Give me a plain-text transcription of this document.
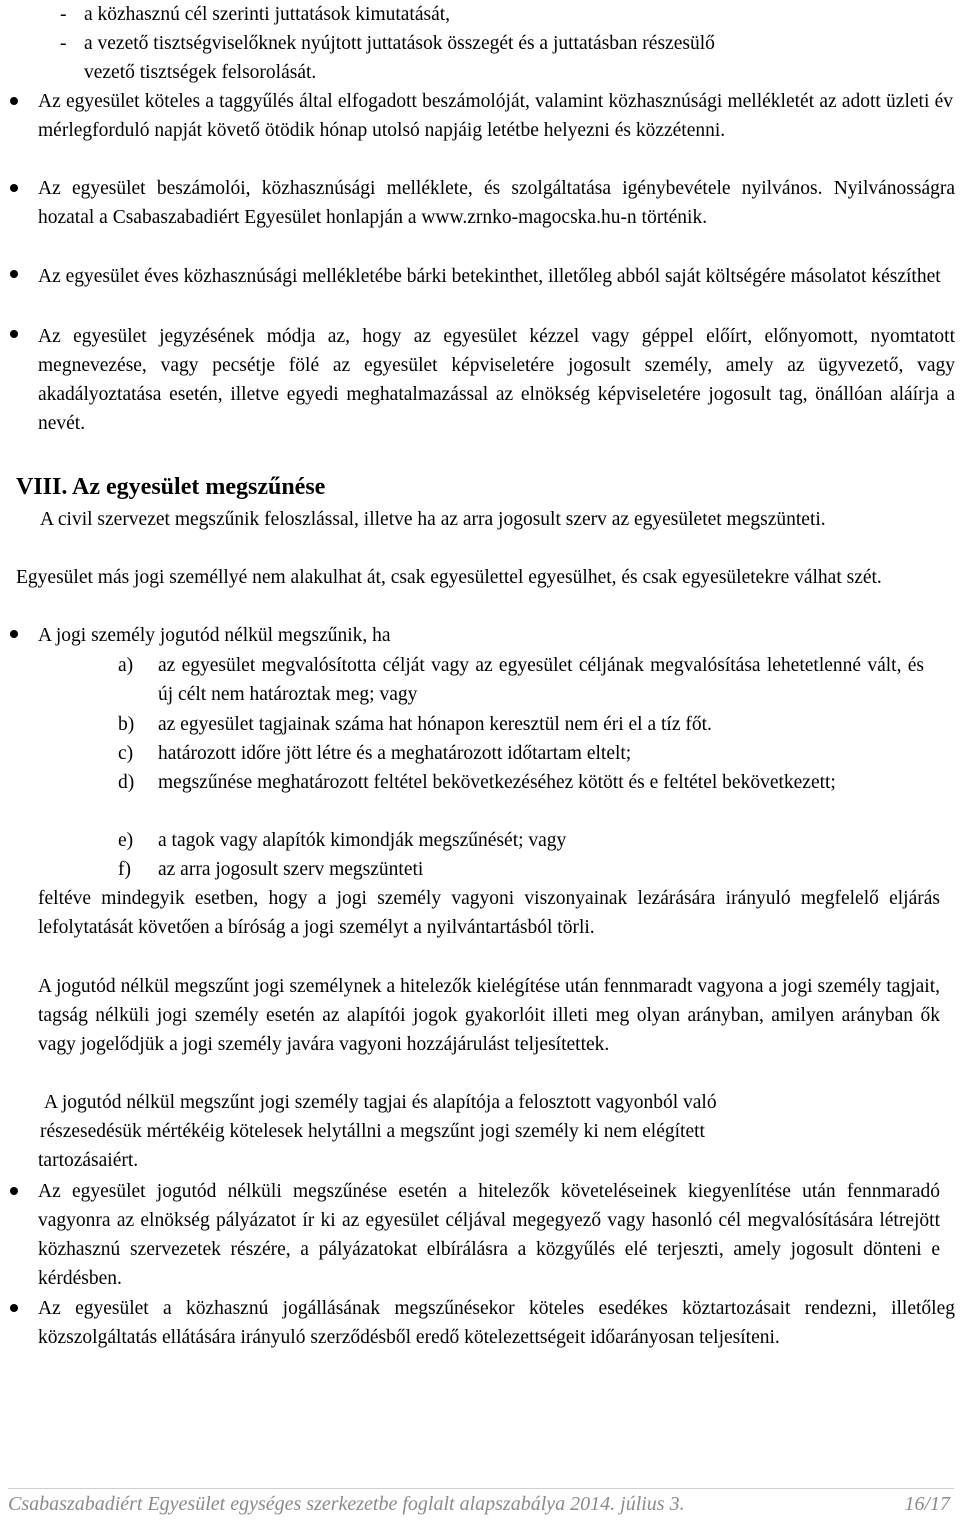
- a közhasznú cél szerinti juttatások kimutatását,

- a vezető tisztségviselőknek nyújtott juttatások összegét és a juttatásban részesülő

vezető tisztségek felsorolását.

Az egyesület köteles a taggyűlés által elfogadott beszámolóját, valamint közhasznúsági mellékletét az adott üzleti év mérlegforduló napját követő ötödik hónap utolsó napjáig letétbe helyezni és közzétenni.

Az egyesület beszámolói, közhasznúsági melléklete, és szolgáltatása igénybevétele nyilvános. Nyilvánosságra hozatal a Csabaszabadiért Egyesület honlapján a www.zrnko-magocska.hu-n történik.

Az egyesület éves közhasznúsági mellékletébe bárki betekinthet, illetőleg abból saját költségére másolatot készíthet

Az egyesület jegyzésének módja az, hogy az egyesület kézzel vagy géppel előírt, előnyomott, nyomtatott megnevezése, vagy pecsétje fölé az egyesület képviseletére jogosult személy, amely az ügyvezető, vagy akadályoztatása esetén, illetve egyedi meghatalmazással az elnökség képviseletére jogosult tag, önállóan aláírja a nevét.

VIII. Az egyesület megszűnése

A civil szervezet megszűnik feloszlással, illetve ha az arra jogosult szerv az egyesületet megszünteti.

Egyesület más jogi személlyé nem alakulhat át, csak egyesülettel egyesülhet, és csak egyesületekre válhat szét.

A jogi személy jogutód nélkül megszűnik, ha

a) az egyesület megvalósította célját vagy az egyesület céljának megvalósítása lehetetlenné vált, és új célt nem határoztak meg; vagy

b) az egyesület tagjainak száma hat hónapon keresztül nem éri el a tíz főt.

c) határozott időre jött létre és a meghatározott időtartam eltelt;

d) megszűnése meghatározott feltétel bekövetkezéséhez kötött és e feltétel bekövetkezett;

e) a tagok vagy alapítók kimondják megszűnését; vagy

f) az arra jogosult szerv megszünteti

feltéve mindegyik esetben, hogy a jogi személy vagyoni viszonyainak lezárására irányuló megfelelő eljárás lefolytatását követően a bíróság a jogi személyt a nyilvántartásból törli.

A jogutód nélkül megszűnt jogi személynek a hitelezők kielégítése után fennmaradt vagyona a jogi személy tagjait, tagság nélküli jogi személy esetén az alapítói jogok gyakorlóit illeti meg olyan arányban, amilyen arányban ők vagy jogelődjük a jogi személy javára vagyoni hozzájárulást teljesítettek.

A jogutód nélkül megszűnt jogi személy tagjai és alapítója a felosztott vagyonból való

részesedésük mértékéig kötelesek helytállni a megszűnt jogi személy ki nem elégített

tartozásaiért.

Az egyesület jogutód nélküli megszűnése esetén a hitelezők követeléseinek kiegyenlítése után fennmaradó vagyonra az elnökség pályázatot ír ki az egyesület céljával megegyező vagy hasonló cél megvalósítására létrejött közhasznú szervezetek részére, a pályázatokat elbírálásra a közgyűlés elé terjeszti, amely jogosult dönteni e kérdésben.

Az egyesület a közhasznú jogállásának megszűnésekor köteles esedékes köztartozásait rendezni, illetőleg közszolgáltatás ellátására irányuló szerződésből eredő kötelezettségeit időarányosan teljesíteni.

Csabaszabadiért Egyesület egységes szerkezetbe foglalt alapszabálya 2014. július 3.	16/17
